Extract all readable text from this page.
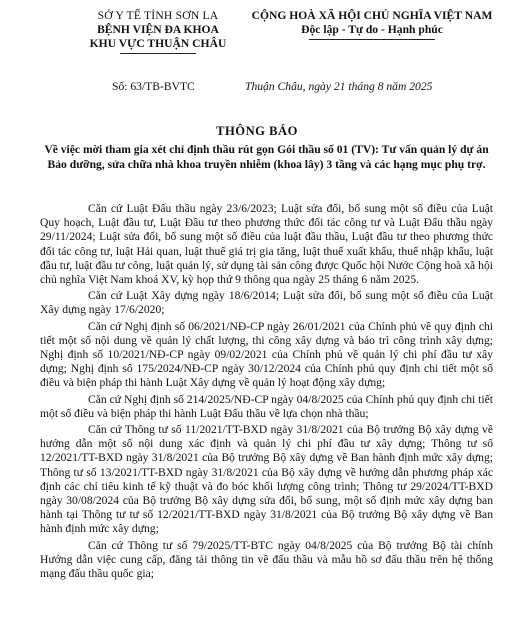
SỞ Y TẾ TỈNH SƠN LA
BỆNH VIỆN ĐA KHOA
KHU VỰC THUẬN CHÂU
CỘNG HOÀ XÃ HỘI CHỦ NGHĨA VIỆT NAM
Độc lập - Tự do - Hạnh phúc
Số: 63/TB-BVTC	Thuận Châu, ngày 21 tháng 8 năm 2025
THÔNG BÁO
Về việc mời tham gia xét chỉ định thầu rút gọn Gói thầu số 01 (TV): Tư vấn quản lý dự án Bảo dưỡng, sửa chữa nhà khoa truyền nhiễm (khoa lây) 3 tầng và các hạng mục phụ trợ.

Căn cứ Luật Đấu thầu ngày 23/6/2023; Luật sửa đổi, bổ sung một số điều của Luật Quy hoạch, Luật đầu tư, Luật Đầu tư theo phương thức đối tác công tư và Luật Đấu thầu ngày 29/11/2024; Luật sửa đổi, bổ sung một số điều của luật đầu thầu, Luật đầu tư theo phương thức đối tác công tư, luật Hải quan, luật thuế giá trị gia tăng, luật thuế xuất khẩu, thuế nhập khẩu, luật đầu tư, luật đầu tư công, luật quản lý, sử dụng tài sản công được Quốc hội Nước Cộng hoà xã hội chủ nghĩa Việt Nam khoá XV, kỳ họp thứ 9 thông qua ngày 25 tháng 6 năm 2025.

Căn cứ Luật Xây dựng ngày 18/6/2014; Luật sửa đổi, bổ sung một số điều của Luật Xây dựng ngày 17/6/2020;

Căn cứ Nghị định số 06/2021/NĐ-CP ngày 26/01/2021 của Chính phủ về quy định chi tiết một số nội dung về quản lý chất lượng, thi công xây dựng và bảo trì công trình xây dựng; Nghị định số 10/2021/NĐ-CP ngày 09/02/2021 của Chính phủ về quản lý chi phí đầu tư xây dựng; Nghị định số 175/2024/NĐ-CP ngày 30/12/2024 của Chính phủ quy định chi tiết một số điều và biện pháp thi hành Luật Xây dựng về quản lý hoạt động xây dựng;

Căn cứ Nghị định số 214/2025/NĐ-CP ngày 04/8/2025 của Chính phủ quy định chi tiết một số điều và biện pháp thi hành Luật Đấu thầu về lựa chọn nhà thầu;

Căn cứ Thông tư số 11/2021/TT-BXD ngày 31/8/2021 của Bộ trưởng Bộ xây dựng về hướng dẫn một số nội dung xác định và quản lý chi phí đầu tư xây dựng; Thông tư số 12/2021/TT-BXD ngày 31/8/2021 của Bộ trưởng Bộ xây dựng về Ban hành định mức xây dựng; Thông tư số 13/2021/TT-BXD ngày 31/8/2021 của Bộ xây dựng về hướng dẫn phương pháp xác định các chỉ tiêu kinh tế kỹ thuật và đo bóc khối lượng công trình; Thông tư 29/2024/TT-BXD ngày 30/08/2024 của Bộ trưởng Bộ xây dựng sửa đổi, bổ sung, một số định mức xây dựng ban hành tại Thông tư tư số 12/2021/TT-BXD ngày 31/8/2021 của Bộ trưởng Bộ xây dựng về Ban hành định mức xây dựng;

Căn cứ Thông tư số 79/2025/TT-BTC ngày 04/8/2025 của Bộ trưởng Bộ tài chính Hướng dẫn việc cung cấp, đăng tải thông tin về đấu thầu và mẫu hồ sơ đấu thầu trên hệ thống mạng đấu thầu quốc gia;
